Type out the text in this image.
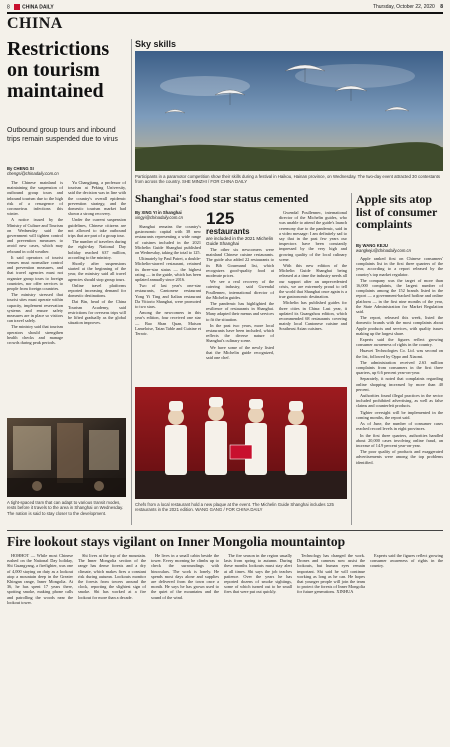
8 CHINA DAILY	Thursday, October 22, 2020 8
CHINA
Restrictions on tourism maintained
Outbound group tours and inbound trips remain suspended due to virus
By CHENG SI
chengsi@chinadaily.com.cn

The Chinese mainland is maintaining the suspension of outbound group tours and inbound tourism due to the high risk of a resurgence of coronavirus infections this winter.

A notice issued by the Ministry of Culture and Tourism on Wednesday said the government will tighten control and prevention measures to avoid new cases, which may rebound in cold weather.

It said operators of tourist venues must normalize control and prevention measures, and that travel agencies must not organize group tours to foreign countries, nor offer services to people from foreign countries.

The ministry stressed that tourist sites must operate within capacity, implement reservation systems and ensure safety measures are in place so visitors can travel safely.

The ministry said that tourism operators should strengthen health checks and manage crowds during peak periods.

Yu Changjiang, a professor of tourism at Peking University, said the decision was in line with the country's overall epidemic prevention strategy, and the domestic tourism market had shown a strong recovery.

Under the current suspension guidelines, Chinese citizens are not allowed to take outbound trips that are part of a group tour.

The number of travelers during the eight-day National Day holiday reached 637 million, according to the ministry.

Shortly after suspensions started at the beginning of the year, the ministry said all travel agencies should stop group tours.

Online travel platforms reported increasing demand for domestic destinations.

Dai Bin, head of the China Tourism Academy, said restrictions for overseas trips will be lifted gradually as the global situation improves.

A tight-spaced tram that can adapt to various transit modes, rests before it travels to the area in Shanghai on Wednesday. The nation is said to stay closer to the development.
Sky skills
Participants in a paramotor competition show their skills during a festival in Haikou, Hainan province, on Wednesday. The two-day event attracted 30 contestants from across the country. SHE MINZHI / FOR CHINA DAILY
Shanghai's food star status cemented
By XING YI in Shanghai
xingyi@chinadaily.com.cn

Shanghai remains the country's gastronomic capital with 38 new restaurants representing a wide range of cuisines included in the 2021 Michelin Guide Shanghai published on Wednesday, taking the total to 125.

Ultimately by Paul Pairet, a double-Michelin-starred restaurant, retained its three-star status — the highest rating — in the guide, which has been updated annually since 2016.

Two of last year's one-star restaurants, Cantonese restaurant Yong Yi Ting and Italian restaurant Da Vittorio Shanghai, were promoted to two stars.

Among the newcomers in this year's edition, four received one star — Bao Shan Quan, Maison Lameloise, Taian Table and Cuisine et Terroir.

125
restaurants
are included in the 2021 Michelin Guide Shanghai

The other six newcomers were mainland Chinese cuisine restaurants. The guide also added 22 restaurants to its Bib Gourmand list, which recognizes good-quality food at moderate prices.

We see a real recovery of the catering industry, said Gwendal Poullennec, international director of the Michelin guides.

The pandemic has highlighted the resilience of restaurants in Shanghai. Many adapted their menus and services to fit the situation.

In the past two years, more local restaurants have been included, which reflects the diverse nature of Shanghai's culinary scene.

We have some of the newly listed that the Michelin guide recognized, said one chef.

Gwendal Poullennec, international director of the Michelin guides, who was unable to attend the guide's launch ceremony due to the pandemic, said in a video message: I am definitely sad to say that in the past few years our inspectors have been constantly impressed by the very high and growing quality of the local culinary scene.

With this new edition of the Michelin Guide Shanghai being released at a time the industry needs all our support after an unprecedented crisis, we are extremely proud to tell the world that Shanghai once again is a true gastronomic destination.

Michelin has published guides for three cities in China: Last year, it updated its Guangzhou edition, which recommended 68 restaurants covering mainly local Cantonese cuisine and Southeast Asian cuisines.

Chefs from a local restaurant hold a new plaque at the event. The Michelin Guide Shanghai includes 125 restaurants in the 2021 edition. WANG GANG / FOR CHINA DAILY
Apple sits atop list of consumer complaints
By WANG KEJU
wangkeju@chinadaily.com.cn

Apple ranked first on Chinese consumers' complaints list in the first three quarters of the year, according to a report released by the country's top market regulator.

The company was the target of more than 16,000 complaints, the largest number of complaints among the 152 brands listed in the report — a government-backed hotline and online platform — in the first nine months of the year, the State Administration for Market Regulation said.

The report, released this week, listed the domestic brands with the most complaints about Apple products and services, with quality issues making up the largest share.

Experts said the figures reflect growing consumer awareness of rights in the country.

Huawei Technologies Co. Ltd. was second on the list, followed by Oppo and Xiaomi.

The administration received 2.63 million complaints from consumers in the first three quarters, up 6.6 percent year-on-year.

Separately, it noted that complaints regarding online shopping increased by more than 40 percent.

Authorities found illegal practices in the sector included prohibited advertising, as well as false claims and counterfeit products.

Tighter oversight will be implemented in the coming months, the report said.

As of June, the number of consumer cases reached record levels in eight provinces.

In the first three quarters, authorities handled about 20,000 cases involving online fraud, an increase of 14.9 percent year-on-year.

The poor quality of products and exaggerated advertisements were among the top problems identified.

Fire lookout stays vigilant on Inner Mongolia mountaintop

HOHHOT — While most Chinese rushed on the National Day holiday, Shi Guangyang, a firefighter, was one of 4,000 staying on duty as a lookout atop a mountain deep in the Greater Khingan range, Inner Mongolia. At 36, he has spent 17 years there, spotting smoke, making phone calls and patrolling the woods near the lookout tower.

Shi lives at the top of the mountain. The Inner Mongolia section of the range has dense forests and a dry climate, which makes fires a constant risk during autumn. Lookouts monitor the forests from towers around the clock, reporting the slightest sign of smoke. Shi has worked at a fire lookout for more than a decade.

He lives in a small cabin beside the tower. Every morning he climbs up to check the surroundings with binoculars. The work is lonely. He spends most days alone and supplies are delivered from the town once a month. He says he has grown used to the quiet of the mountains and the sound of the wind.

The fire season in the region usually lasts from spring to autumn. During these months lookouts must stay alert at all times. Shi says the job teaches patience. Over the years he has reported dozens of smoke sightings, some of which turned out to be small fires that were put out quickly.

Technology has changed the work. Drones and cameras now assist the lookouts, but human eyes remain important. Shi said he will continue working as long as he can. He hopes that younger people will join the team to protect the forests of Inner Mongolia for future generations. XINHUA

Experts said the figures reflect growing consumer awareness of rights in the country.
